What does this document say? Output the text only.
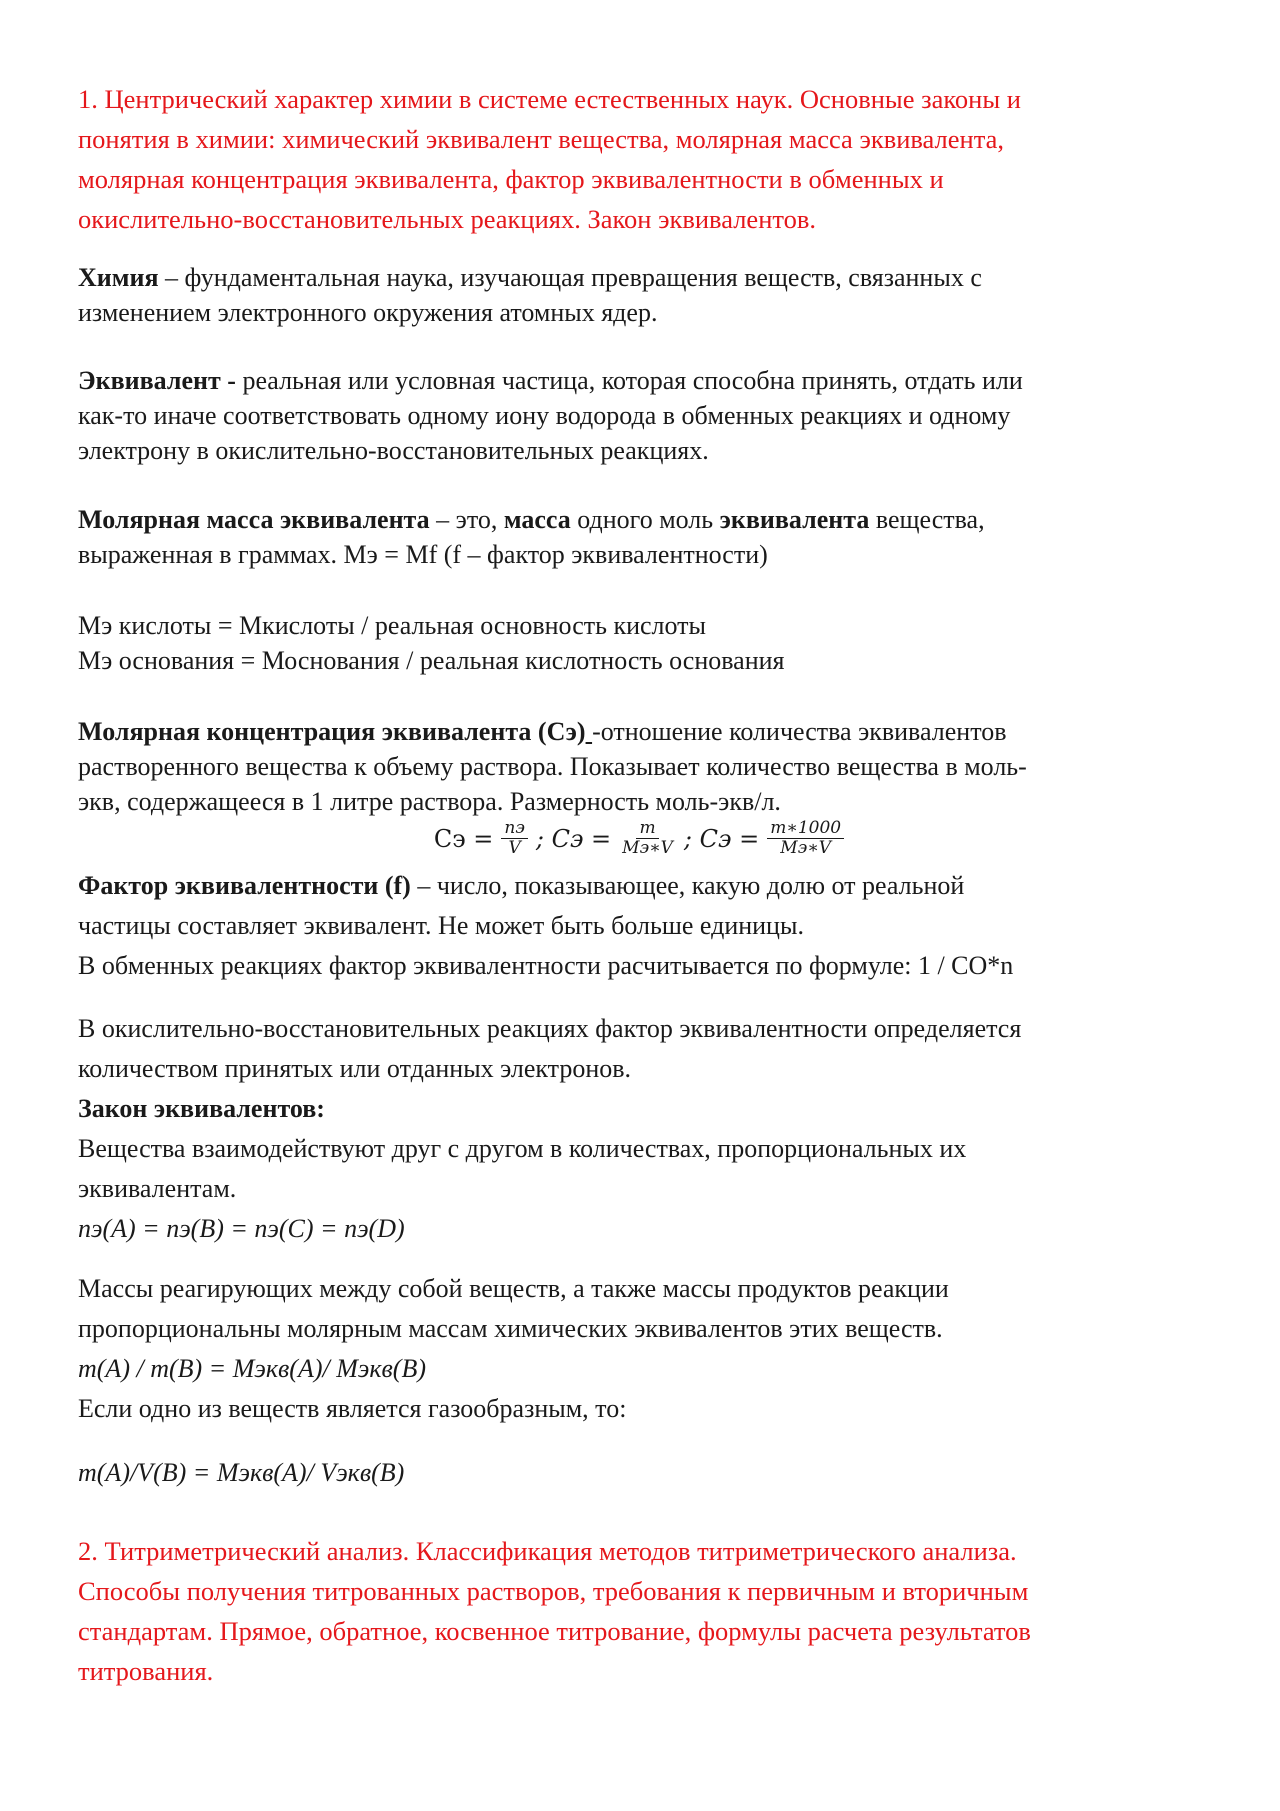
1. Центрический характер химии в системе естественных наук. Основные законы и
понятия в химии: химический эквивалент вещества, молярная масса эквивалента,
молярная концентрация эквивалента, фактор эквивалентности в обменных и
окислительно-восстановительных реакциях. Закон эквивалентов.

Химия – фундаментальная наука, изучающая превращения веществ, связанных с
изменением электронного окружения атомных ядер.

Эквивалент - реальная или условная частица, которая способна принять, отдать или
как-то иначе соответствовать одному иону водорода в обменных реакциях и одному
электрону в окислительно-восстановительных реакциях.

Молярная масса эквивалента – это, масса одного моль эквивалента вещества,
выраженная в граммах. Мэ = Mf (f – фактор эквивалентности)

Мэ кислоты = Мкислоты / реальная основность кислоты
Мэ основания = Моснования / реальная кислотность основания

Молярная концентрация эквивалента (Сэ) -отношение количества эквивалентов
растворенного вещества к объему раствора. Показывает количество вещества в моль-
экв, содержащееся в 1 литре раствора. Размерность моль-экв/л.

Сэ = $\frac{nэ}{V}$ ; Сэ = $\frac{m}{Мэ∗V}$ ; Сэ = $\frac{m∗1000}{Мэ∗V}$

Фактор эквивалентности (f) – число, показывающее, какую долю от реальной
частицы составляет эквивалент. Не может быть больше единицы.
В обменных реакциях фактор эквивалентности расчитывается по формуле: 1 / СО*n

В окислительно-восстановительных реакциях фактор эквивалентности определяется
количеством принятых или отданных электронов.

Закон эквивалентов:
Вещества взаимодействуют друг с другом в количествах, пропорциональных их
эквивалентам.
nэ(A) = nэ(B) = nэ(C) = nэ(D)

Массы реагирующих между собой веществ, а также массы продуктов реакции
пропорциональны молярным массам химических эквивалентов этих веществ.
m(A) / m(B) = Mэкв(A)/ Mэкв(B)
Если одно из веществ является газообразным, то:

m(A)/V(B) = Mэкв(A)/ Vэкв(B)

2. Титриметрический анализ. Классификация методов титриметрического анализа.
Способы получения титрованных растворов, требования к первичным и вторичным
стандартам. Прямое, обратное, косвенное титрование, формулы расчета результатов
титрования.
